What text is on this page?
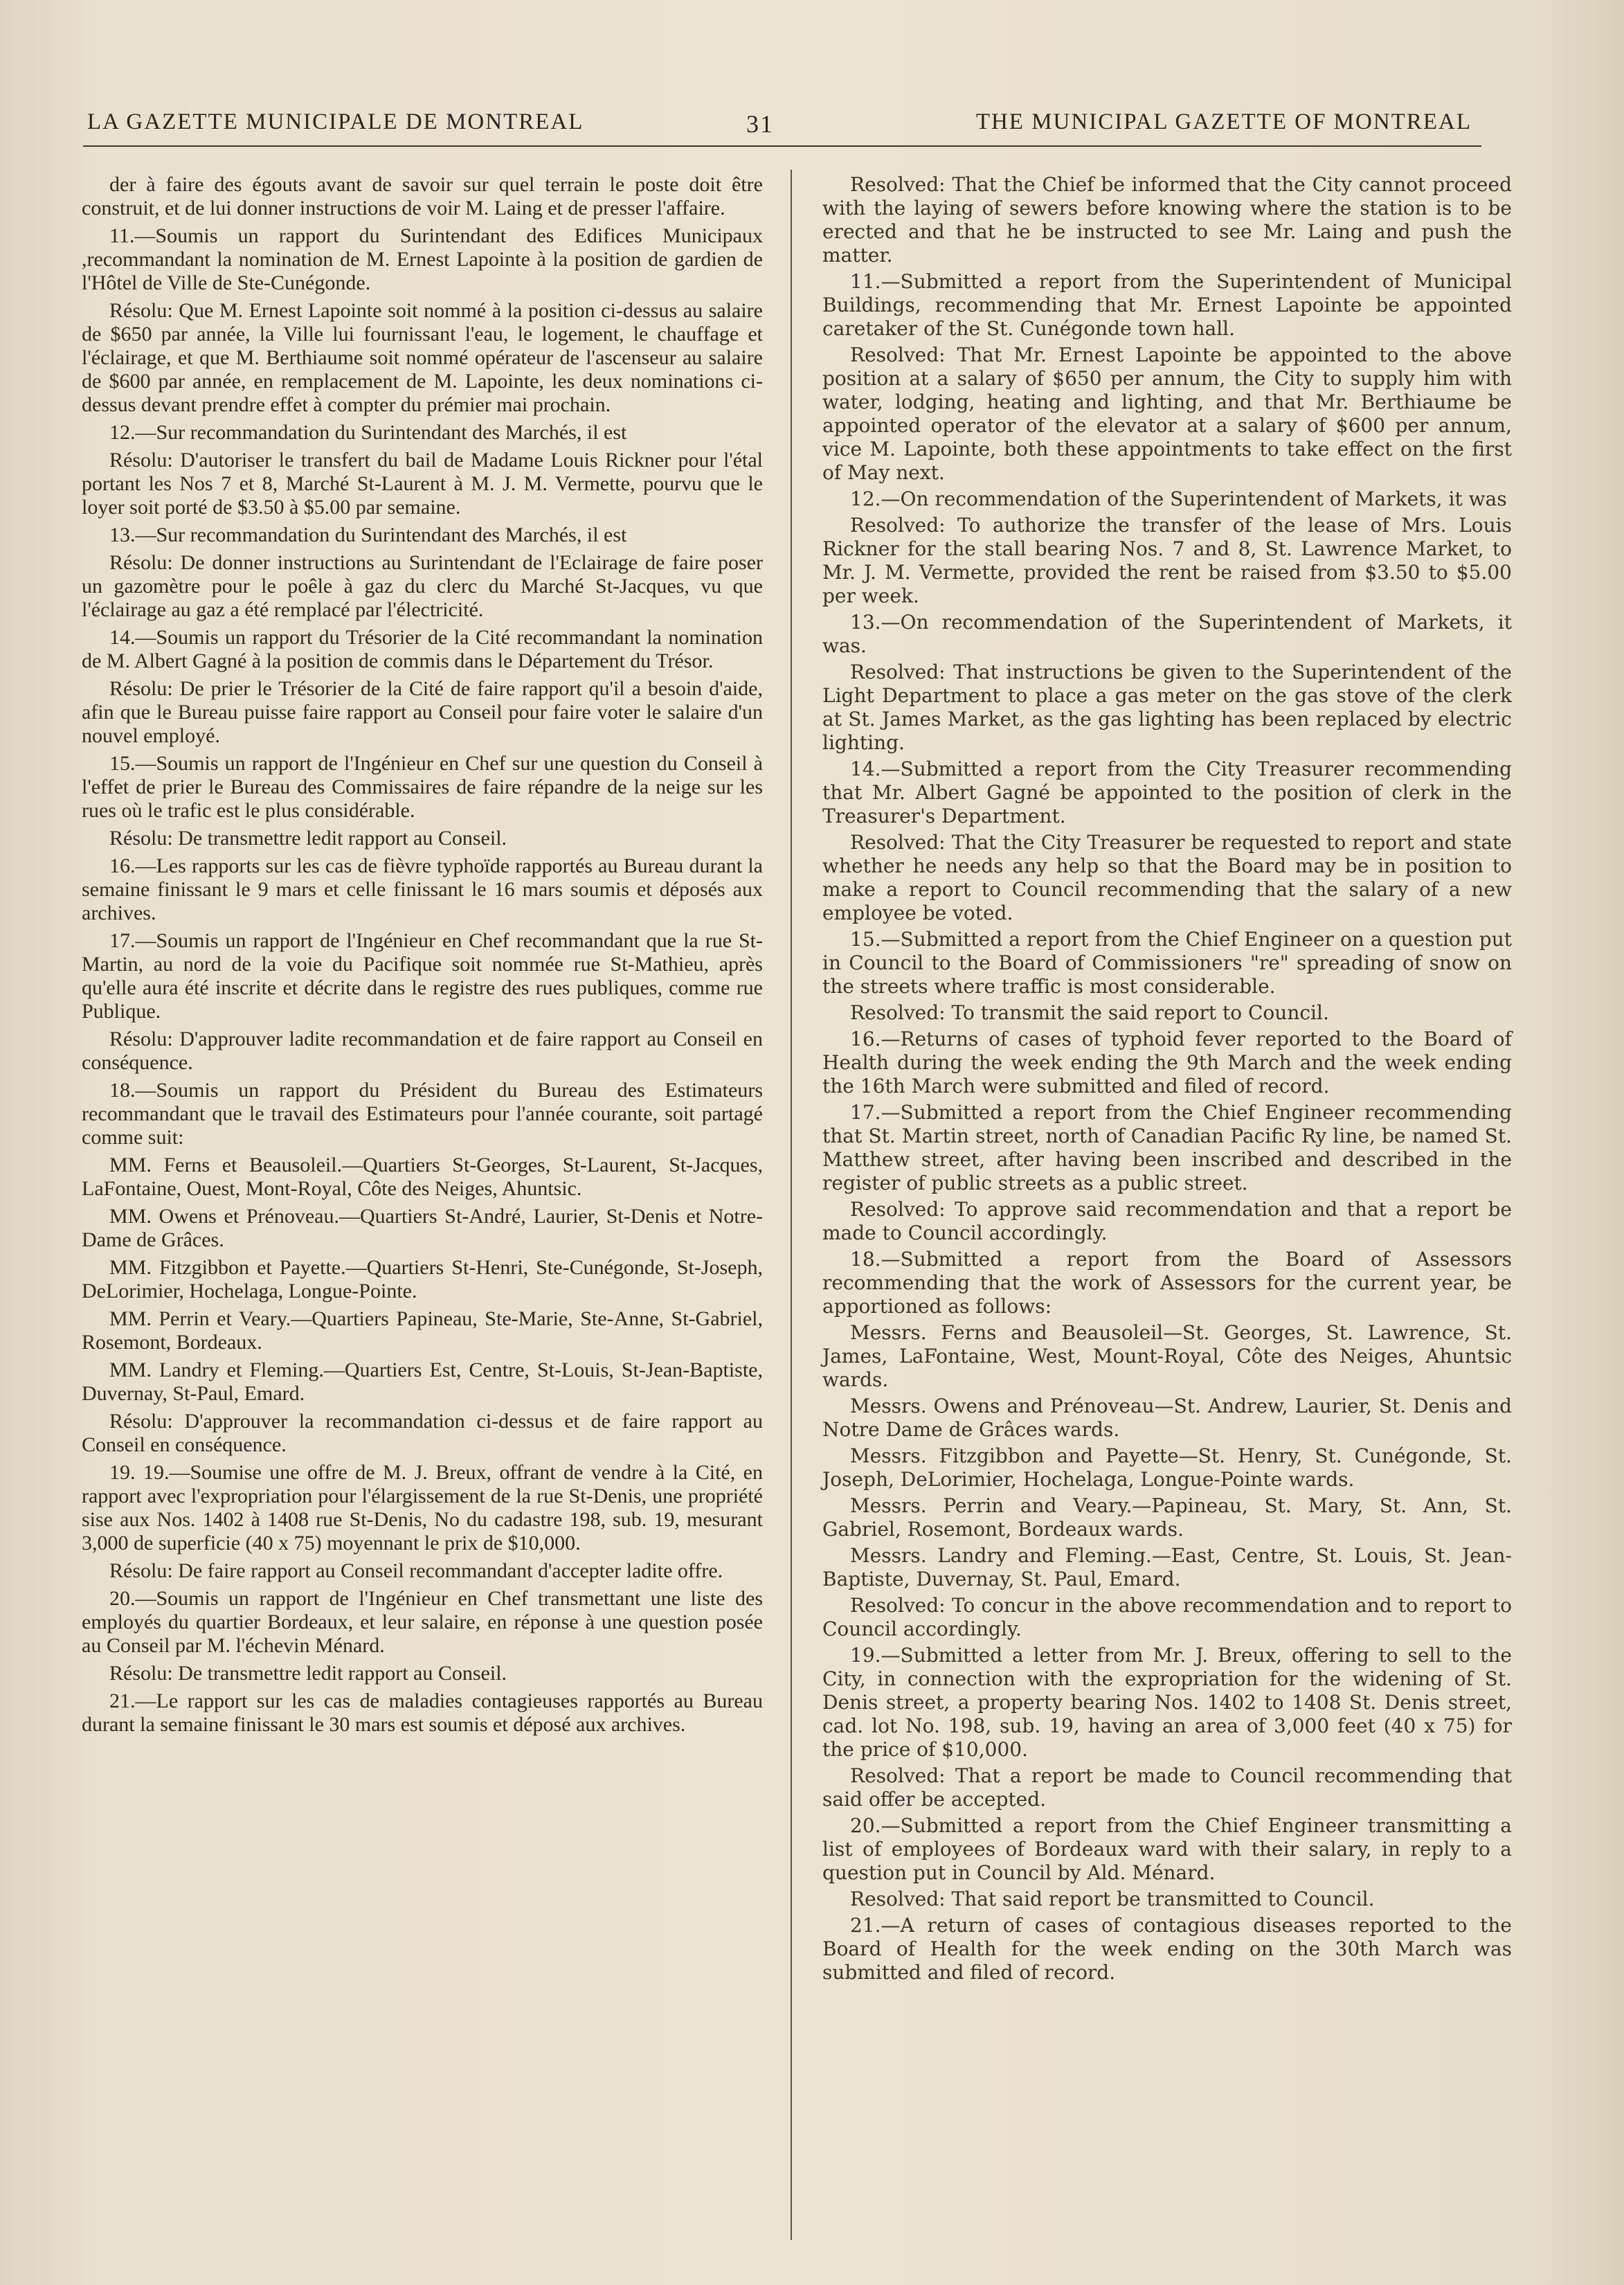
LA GAZETTE MUNICIPALE DE MONTREAL	31	THE MUNICIPAL GAZETTE OF MONTREAL

der à faire des égouts avant de savoir sur quel terrain le poste doit être construit, et de lui donner instructions de voir M. Laing et de presser l'affaire.

11.—Soumis un rapport du Surintendant des Edifices Municipaux ,recommandant la nomination de M. Ernest Lapointe à la position de gardien de l'Hôtel de Ville de Ste-Cunégonde.

Résolu: Que M. Ernest Lapointe soit nommé à la position ci-dessus au salaire de $650 par année, la Ville lui fournissant l'eau, le logement, le chauffage et l'éclairage, et que M. Berthiaume soit nommé opérateur de l'ascenseur au salaire de $600 par année, en remplacement de M. Lapointe, les deux nominations ci-dessus devant prendre effet à compter du prémier mai prochain.

12.—Sur recommandation du Surintendant des Marchés, il est

Résolu: D'autoriser le transfert du bail de Madame Louis Rickner pour l'étal portant les Nos 7 et 8, Marché St-Laurent à M. J. M. Vermette, pourvu que le loyer soit porté de $3.50 à $5.00 par semaine.

13.—Sur recommandation du Surintendant des Marchés, il est

Résolu: De donner instructions au Surintendant de l'Eclairage de faire poser un gazomètre pour le poêle à gaz du clerc du Marché St-Jacques, vu que l'éclairage au gaz a été remplacé par l'électricité.

14.—Soumis un rapport du Trésorier de la Cité recommandant la nomination de M. Albert Gagné à la position de commis dans le Département du Trésor.

Résolu: De prier le Trésorier de la Cité de faire rapport qu'il a besoin d'aide, afin que le Bureau puisse faire rapport au Conseil pour faire voter le salaire d'un nouvel employé.

15.—Soumis un rapport de l'Ingénieur en Chef sur une question du Conseil à l'effet de prier le Bureau des Commissaires de faire répandre de la neige sur les rues où le trafic est le plus considérable.

Résolu: De transmettre ledit rapport au Conseil.

16.—Les rapports sur les cas de fièvre typhoïde rapportés au Bureau durant la semaine finissant le 9 mars et celle finissant le 16 mars soumis et déposés aux archives.

17.—Soumis un rapport de l'Ingénieur en Chef recommandant que la rue St-Martin, au nord de la voie du Pacifique soit nommée rue St-Mathieu, après qu'elle aura été inscrite et décrite dans le registre des rues publiques, comme rue Publique.

Résolu: D'approuver ladite recommandation et de faire rapport au Conseil en conséquence.

18.—Soumis un rapport du Président du Bureau des Estimateurs recommandant que le travail des Estimateurs pour l'année courante, soit partagé comme suit:

MM. Ferns et Beausoleil.—Quartiers St-Georges, St-Laurent, St-Jacques, LaFontaine, Ouest, Mont-Royal, Côte des Neiges, Ahuntsic.

MM. Owens et Prénoveau.—Quartiers St-André, Laurier, St-Denis et Notre-Dame de Grâces.

MM. Fitzgibbon et Payette.—Quartiers St-Henri, Ste-Cunégonde, St-Joseph, DeLorimier, Hochelaga, Longue-Pointe.

MM. Perrin et Veary.—Quartiers Papineau, Ste-Marie, Ste-Anne, St-Gabriel, Rosemont, Bordeaux.

MM. Landry et Fleming.—Quartiers Est, Centre, St-Louis, St-Jean-Baptiste, Duvernay, St-Paul, Emard.

Résolu: D'approuver la recommandation ci-dessus et de faire rapport au Conseil en conséquence.

19. 19.—Soumise une offre de M. J. Breux, offrant de vendre à la Cité, en rapport avec l'expropriation pour l'élargissement de la rue St-Denis, une propriété sise aux Nos. 1402 à 1408 rue St-Denis, No du cadastre 198, sub. 19, mesurant 3,000 de superficie (40 x 75) moyennant le prix de $10,000.

Résolu: De faire rapport au Conseil recommandant d'accepter ladite offre.

20.—Soumis un rapport de l'Ingénieur en Chef transmettant une liste des employés du quartier Bordeaux, et leur salaire, en réponse à une question posée au Conseil par M. l'échevin Ménard.

Résolu: De transmettre ledit rapport au Conseil.

21.—Le rapport sur les cas de maladies contagieuses rapportés au Bureau durant la semaine finissant le 30 mars est soumis et déposé aux archives.

Resolved: That the Chief be informed that the City cannot proceed with the laying of sewers before knowing where the station is to be erected and that he be instructed to see Mr. Laing and push the matter.

11.—Submitted a report from the Superintendent of Municipal Buildings, recommending that Mr. Ernest Lapointe be appointed caretaker of the St. Cunégonde town hall.

Resolved: That Mr. Ernest Lapointe be appointed to the above position at a salary of $650 per annum, the City to supply him with water, lodging, heating and lighting, and that Mr. Berthiaume be appointed operator of the elevator at a salary of $600 per annum, vice M. Lapointe, both these appointments to take effect on the first of May next.

12.—On recommendation of the Superintendent of Markets, it was

Resolved: To authorize the transfer of the lease of Mrs. Louis Rickner for the stall bearing Nos. 7 and 8, St. Lawrence Market, to Mr. J. M. Vermette, provided the rent be raised from $3.50 to $5.00 per week.

13.—On recommendation of the Superintendent of Markets, it was.

Resolved: That instructions be given to the Superintendent of the Light Department to place a gas meter on the gas stove of the clerk at St. James Market, as the gas lighting has been replaced by electric lighting.

14.—Submitted a report from the City Treasurer recommending that Mr. Albert Gagné be appointed to the position of clerk in the Treasurer's Department.

Resolved: That the City Treasurer be requested to report and state whether he needs any help so that the Board may be in position to make a report to Council recommending that the salary of a new employee be voted.

15.—Submitted a report from the Chief Engineer on a question put in Council to the Board of Commissioners "re" spreading of snow on the streets where traffic is most considerable.

Resolved: To transmit the said report to Council.

16.—Returns of cases of typhoid fever reported to the Board of Health during the week ending the 9th March and the week ending the 16th March were submitted and filed of record.

17.—Submitted a report from the Chief Engineer recommending that St. Martin street, north of Canadian Pacific Ry line, be named St. Matthew street, after having been inscribed and described in the register of public streets as a public street.

Resolved: To approve said recommendation and that a report be made to Council accordingly.

18.—Submitted a report from the Board of Assessors recommending that the work of Assessors for the current year, be apportioned as follows:

Messrs. Ferns and Beausoleil—St. Georges, St. Lawrence, St. James, LaFontaine, West, Mount-Royal, Côte des Neiges, Ahuntsic wards.

Messrs. Owens and Prénoveau—St. Andrew, Laurier, St. Denis and Notre Dame de Grâces wards.

Messrs. Fitzgibbon and Payette—St. Henry, St. Cunégonde, St. Joseph, DeLorimier, Hochelaga, Longue-Pointe wards.

Messrs. Perrin and Veary.—Papineau, St. Mary, St. Ann, St. Gabriel, Rosemont, Bordeaux wards.

Messrs. Landry and Fleming.—East, Centre, St. Louis, St. Jean-Baptiste, Duvernay, St. Paul, Emard.

Resolved: To concur in the above recommendation and to report to Council accordingly.

19.—Submitted a letter from Mr. J. Breux, offering to sell to the City, in connection with the expropriation for the widening of St. Denis street, a property bearing Nos. 1402 to 1408 St. Denis street, cad. lot No. 198, sub. 19, having an area of 3,000 feet (40 x 75) for the price of $10,000.

Resolved: That a report be made to Council recommending that said offer be accepted.

20.—Submitted a report from the Chief Engineer transmitting a list of employees of Bordeaux ward with their salary, in reply to a question put in Council by Ald. Ménard.

Resolved: That said report be transmitted to Council.

21.—A return of cases of contagious diseases reported to the Board of Health for the week ending on the 30th March was submitted and filed of record.
